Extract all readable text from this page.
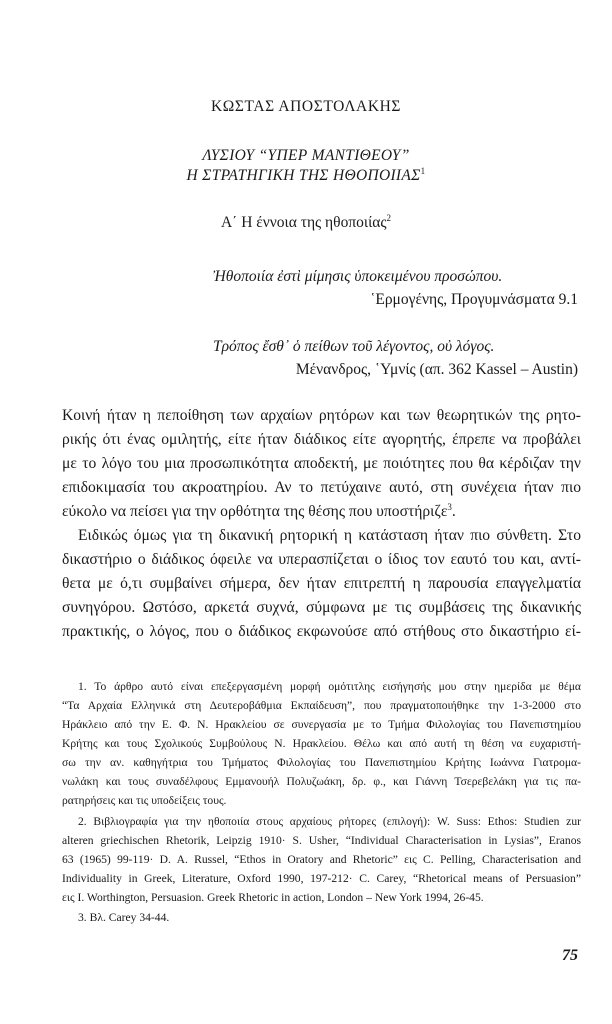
ΚΩΣΤΑΣ ΑΠΟΣΤΟΛΑΚΗΣ
ΛΥΣΙΟΥ “ΥΠΕΡ ΜΑΝΤΙΘΕΟΥ”
Η ΣΤΡΑΤΗΓΙΚΗ ΤΗΣ ΗΘΟΠΟΙΙΑΣ$^1$
Α΄ Η έννοια της ηθοποιίας$^2$
Ἠθοποιία ἐστὶ μίμησις ὑποκειμένου προσώπου.
῾Ερμογένης, Προγυμνάσματα 9.1
Τρόπος ἔσθ᾽ ὁ πείθων τοῦ λέγοντος, οὐ λόγος.
Μένανδρος, ῾Υμνίς (απ. 362 Kassel – Austin)
Κοινή ήταν η πεποίθηση των αρχαίων ρητόρων και των θεωρητικών της ρητο-
ρικής ότι ένας ομιλητής, είτε ήταν διάδικος είτε αγορητής, έπρεπε να προβάλει
με το λόγο του μια προσωπικότητα αποδεκτή, με ποιότητες που θα κέρδιζαν την
επιδοκιμασία του ακροατηρίου. Αν το πετύχαινε αυτό, στη συνέχεια ήταν πιο
εύκολο να πείσει για την ορθότητα της θέσης που υποστήριζε$^3$.
Ειδικώς όμως για τη δικανική ρητορική η κατάσταση ήταν πιο σύνθετη. Στο
δικαστήριο ο διάδικος όφειλε να υπερασπίζεται ο ίδιος τον εαυτό του και, αντί-
θετα με ό,τι συμβαίνει σήμερα, δεν ήταν επιτρεπτή η παρουσία επαγγελματία
συνηγόρου. Ωστόσο, αρκετά συχνά, σύμφωνα με τις συμβάσεις της δικανικής
πρακτικής, ο λόγος, που ο διάδικος εκφωνούσε από στήθους στο δικαστήριο εί-
1. Το άρθρο αυτό είναι επεξεργασμένη μορφή ομότιτλης εισήγησής μου στην ημερίδα με θέμα
“Τα Αρχαία Ελληνικά στη Δευτεροβάθμια Εκπαίδευση”, που πραγματοποιήθηκε την 1-3-2000 στο
Ηράκλειο από την Ε. Φ. Ν. Ηρακλείου σε συνεργασία με το Τμήμα Φιλολογίας του Πανεπιστημίου
Κρήτης και τους Σχολικούς Συμβούλους Ν. Ηρακλείου. Θέλω και από αυτή τη θέση να ευχαριστή-
σω την αν. καθηγήτρια του Τμήματος Φιλολογίας του Πανεπιστημίου Κρήτης Ιωάννα Γιατρομα-
νωλάκη και τους συναδέλφους Εμμανουήλ Πολυζωάκη, δρ. φ., και Γιάννη Τσερεβελάκη για τις πα-
ρατηρήσεις και τις υποδείξεις τους.
2. Βιβλιογραφία για την ηθοποιία στους αρχαίους ρήτορες (επιλογή): W. Suss: Ethos: Studien zur
alteren griechischen Rhetorik, Leipzig 1910· S. Usher, “Individual Characterisation in Lysias”, Eranos
63 (1965) 99-119· D. A. Russel, “Ethos in Oratory and Rhetoric” εις C. Pelling, Characterisation and
Individuality in Greek, Literature, Oxford 1990, 197-212· C. Carey, “Rhetorical means of Persuasion”
εις I. Worthington, Persuasion. Greek Rhetoric in action, London – New York 1994, 26-45.
3. Βλ. Carey 34-44.
75
